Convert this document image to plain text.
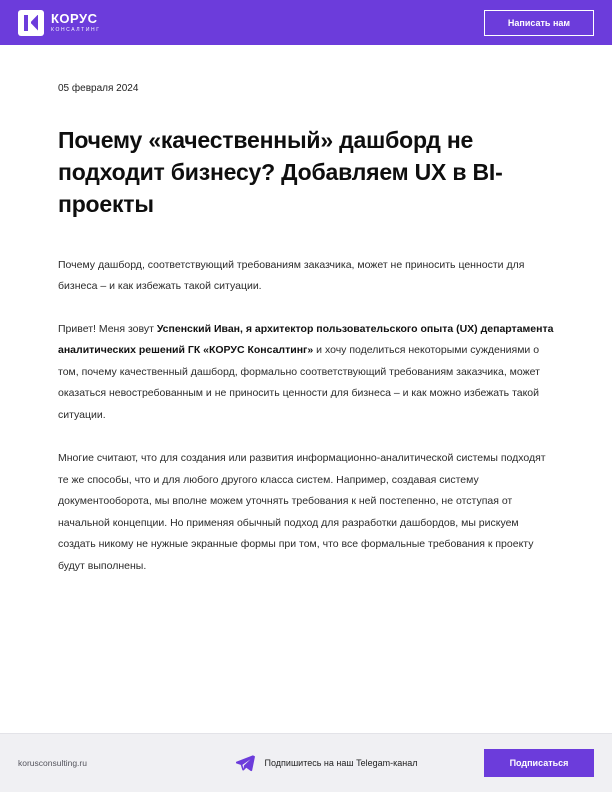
КОРУС
КОНСАЛТИНГ
Написать нам
05 февраля 2024
Почему «качественный» дашборд не подходит бизнесу? Добавляем UX в BI-проекты

Почему дашборд, соответствующий требованиям заказчика, может не приносить ценности для бизнеса – и как избежать такой ситуации.

Привет! Меня зовут Успенский Иван, я архитектор пользовательского опыта (UX) департамента аналитических решений ГК «КОРУС Консалтинг» и хочу поделиться некоторыми суждениями о том, почему качественный дашборд, формально соответствующий требованиям заказчика, может оказаться невостребованным и не приносить ценности для бизнеса – и как можно избежать такой ситуации.

Многие считают, что для создания или развития информационно-аналитической системы подходят те же способы, что и для любого другого класса систем. Например, создавая систему документооборота, мы вполне можем уточнять требования к ней постепенно, не отступая от начальной концепции. Но применяя обычный подход для разработки дашбордов, мы рискуем создать никому не нужные экранные формы при том, что все формальные требования к проекту будут выполнены.

korusconsulting.ru	Подпишитесь на наш Telegam-канал	Подписаться
